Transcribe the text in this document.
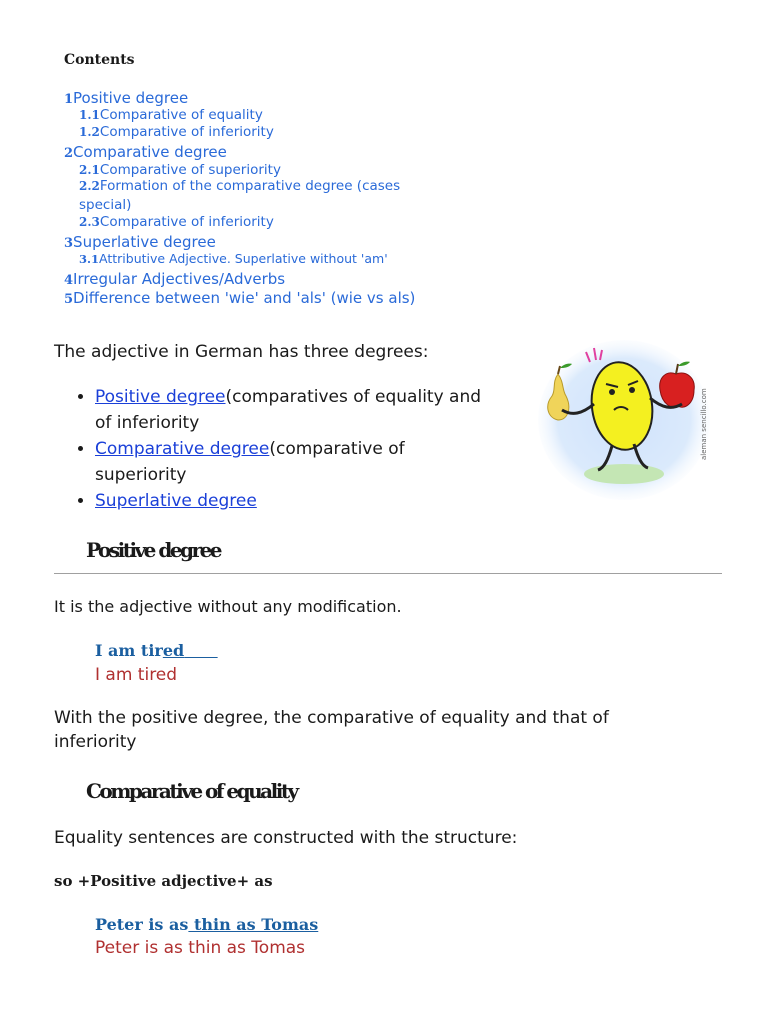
Contents
1Positive degree
1.1Comparative of equality
1.2Comparative of inferiority
2Comparative degree
2.1Comparative of superiority
2.2Formation of the comparative degree (cases
special)
2.3Comparative of inferiority
3Superlative degree
3.1Attributive Adjective. Superlative without 'am'
4Irregular Adjectives/Adverbs
5Difference between 'wie' and 'als' (wie vs als)
The adjective in German has three degrees:
• Positive degree(comparatives of equality and
of inferiority
• Comparative degree(comparative of
superiority
• Superlative degree
aleman sencillo.com
Positive degree
It is the adjective without any modification.
I am tired
I am tired
With the positive degree, the comparative of equality and that of
inferiority
Comparative of equality
Equality sentences are constructed with the structure:
so +Positive adjective+ as
Peter is as thin as Tomas
Peter is as thin as Tomas
